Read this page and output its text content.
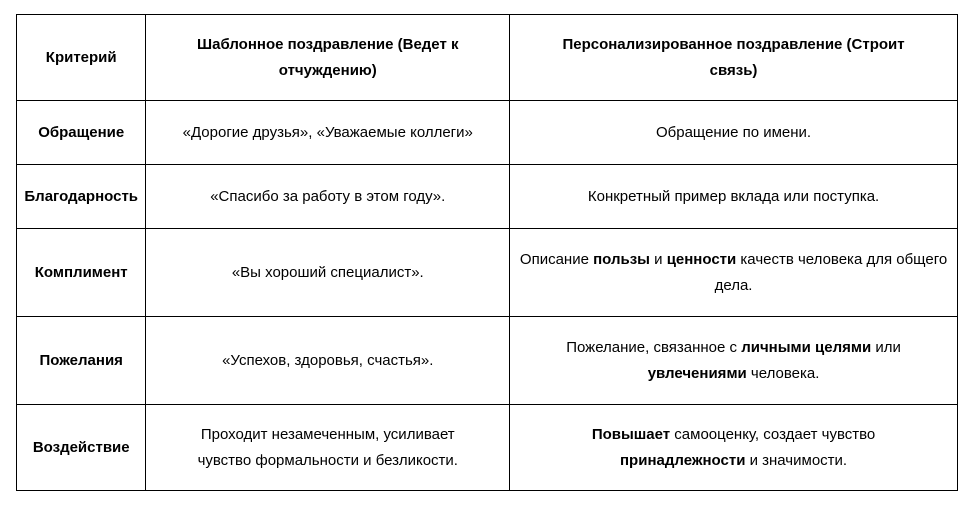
Критерий	Шаблонное поздравление (Ведет к отчуждению)	Персонализированное поздравление (Строит связь)
Обращение	«Дорогие друзья», «Уважаемые коллеги»	Обращение по имени.
Благодарность	«Спасибо за работу в этом году».	Конкретный пример вклада или поступка.
Комплимент	«Вы хороший специалист».	Описание пользы и ценности качеств человека для общего дела.
Пожелания	«Успехов, здоровья, счастья».	Пожелание, связанное с личными целями или увлечениями человека.
Воздействие	Проходит незамеченным, усиливает чувство формальности и безликости.	Повышает самооценку, создает чувство принадлежности и значимости.
